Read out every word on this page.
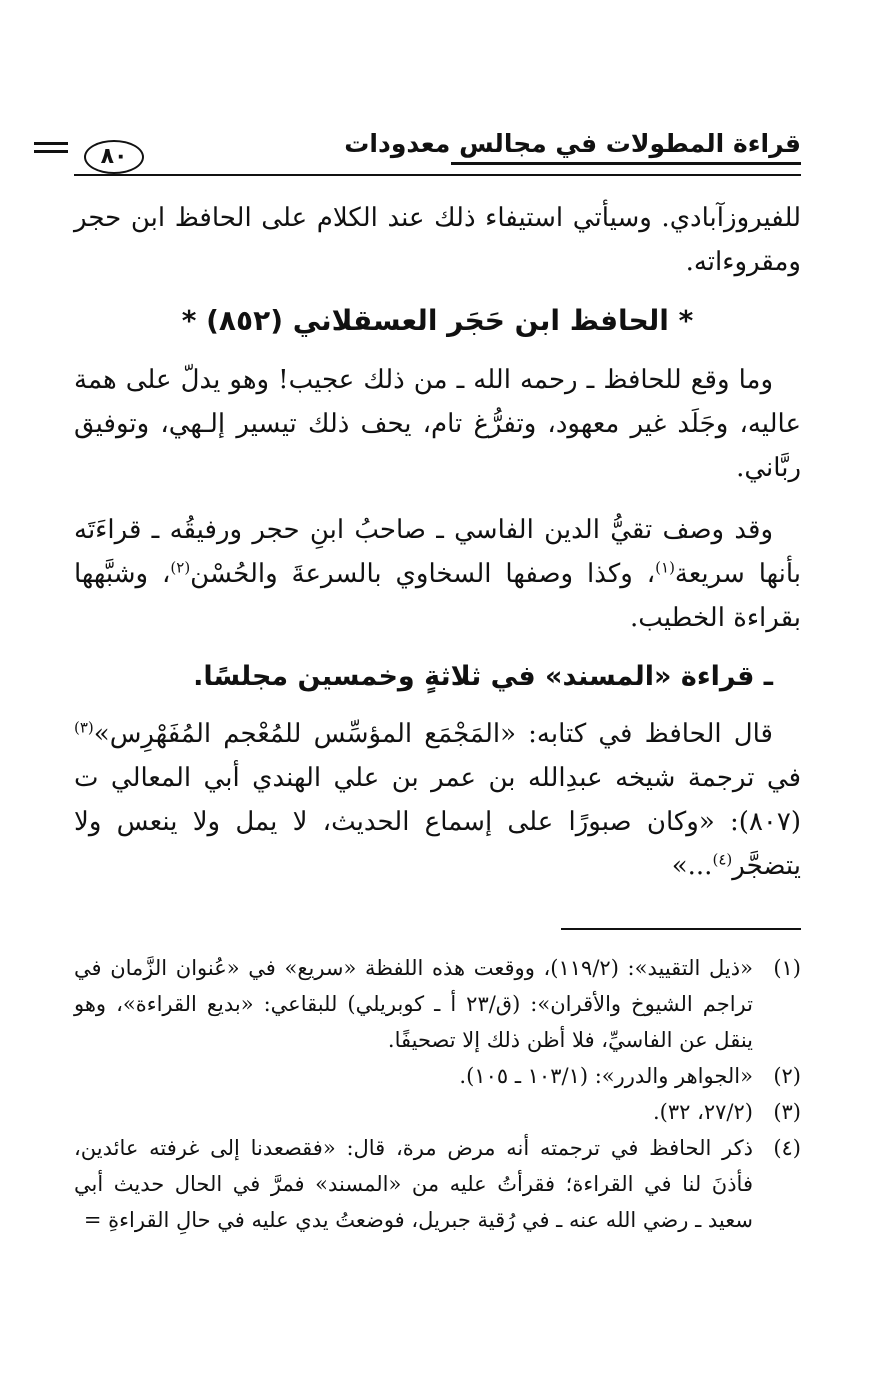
قراءة المطولات في مجالس معدودات
٨٠

للفيروزآبادي. وسيأتي استيفاء ذلك عند الكلام على الحافظ ابن حجر ومقروءاته.

* الحافظ ابن حَجَر العسقلاني (٨٥٢) *

وما وقع للحافظ ـ رحمه الله ـ من ذلك عجيب! وهو يدلّ على همة عاليه، وجَلَد غير معهود، وتفرُّغ تام، يحف ذلك تيسير إلـهي، وتوفيق ربَّاني.

وقد وصف تقيُّ الدين الفاسي ـ صاحبُ ابنِ حجر ورفيقُه ـ قراءَتَه بأنها سريعة$^{(١)}$، وكذا وصفها السخاوي بالسرعةَ والحُسْن$^{(٢)}$، وشبَّهها بقراءة الخطيب.

ـ قراءة «المسند» في ثلاثةٍ وخمسين مجلسًا.

قال الحافظ في كتابه: «المَجْمَع المؤسِّس للمُعْجم المُفَهْرِس»$^{(٣)}$ في ترجمة شيخه عبدِالله بن عمر بن علي الهندي أبي المعالي ت (٨٠٧): «وكان صبورًا على إسماع الحديث، لا يمل ولا ينعس ولا يتضجَّر$^{(٤)}$...»

(١)
«ذيل التقييد»: (١١٩/٢)، ووقعت هذه اللفظة «سريع» في «عُنوان الزَّمان في تراجم الشيوخ والأقران»: (ق/٢٣ أ ـ كوبريلي) للبقاعي: «بديع القراءة»، وهو ينقل عن الفاسيِّ، فلا أظن ذلك إلا تصحيفًا.
(٢)
«الجواهر والدرر»: (١٠٣/١ ـ ١٠٥).
(٣)
(٢٧/٢، ٣٢).
(٤)
ذكر الحافظ في ترجمته أنه مرض مرة، قال: «فقصعدنا إلى غرفته عائدين، فأذنَ لنا في القراءة؛ فقرأتُ عليه من «المسند» فمرَّ في الحال حديث أبي سعيد ـ رضي الله عنه ـ في رُقية جبريل، فوضعتُ يدي عليه في حالِ القراءةِ =
